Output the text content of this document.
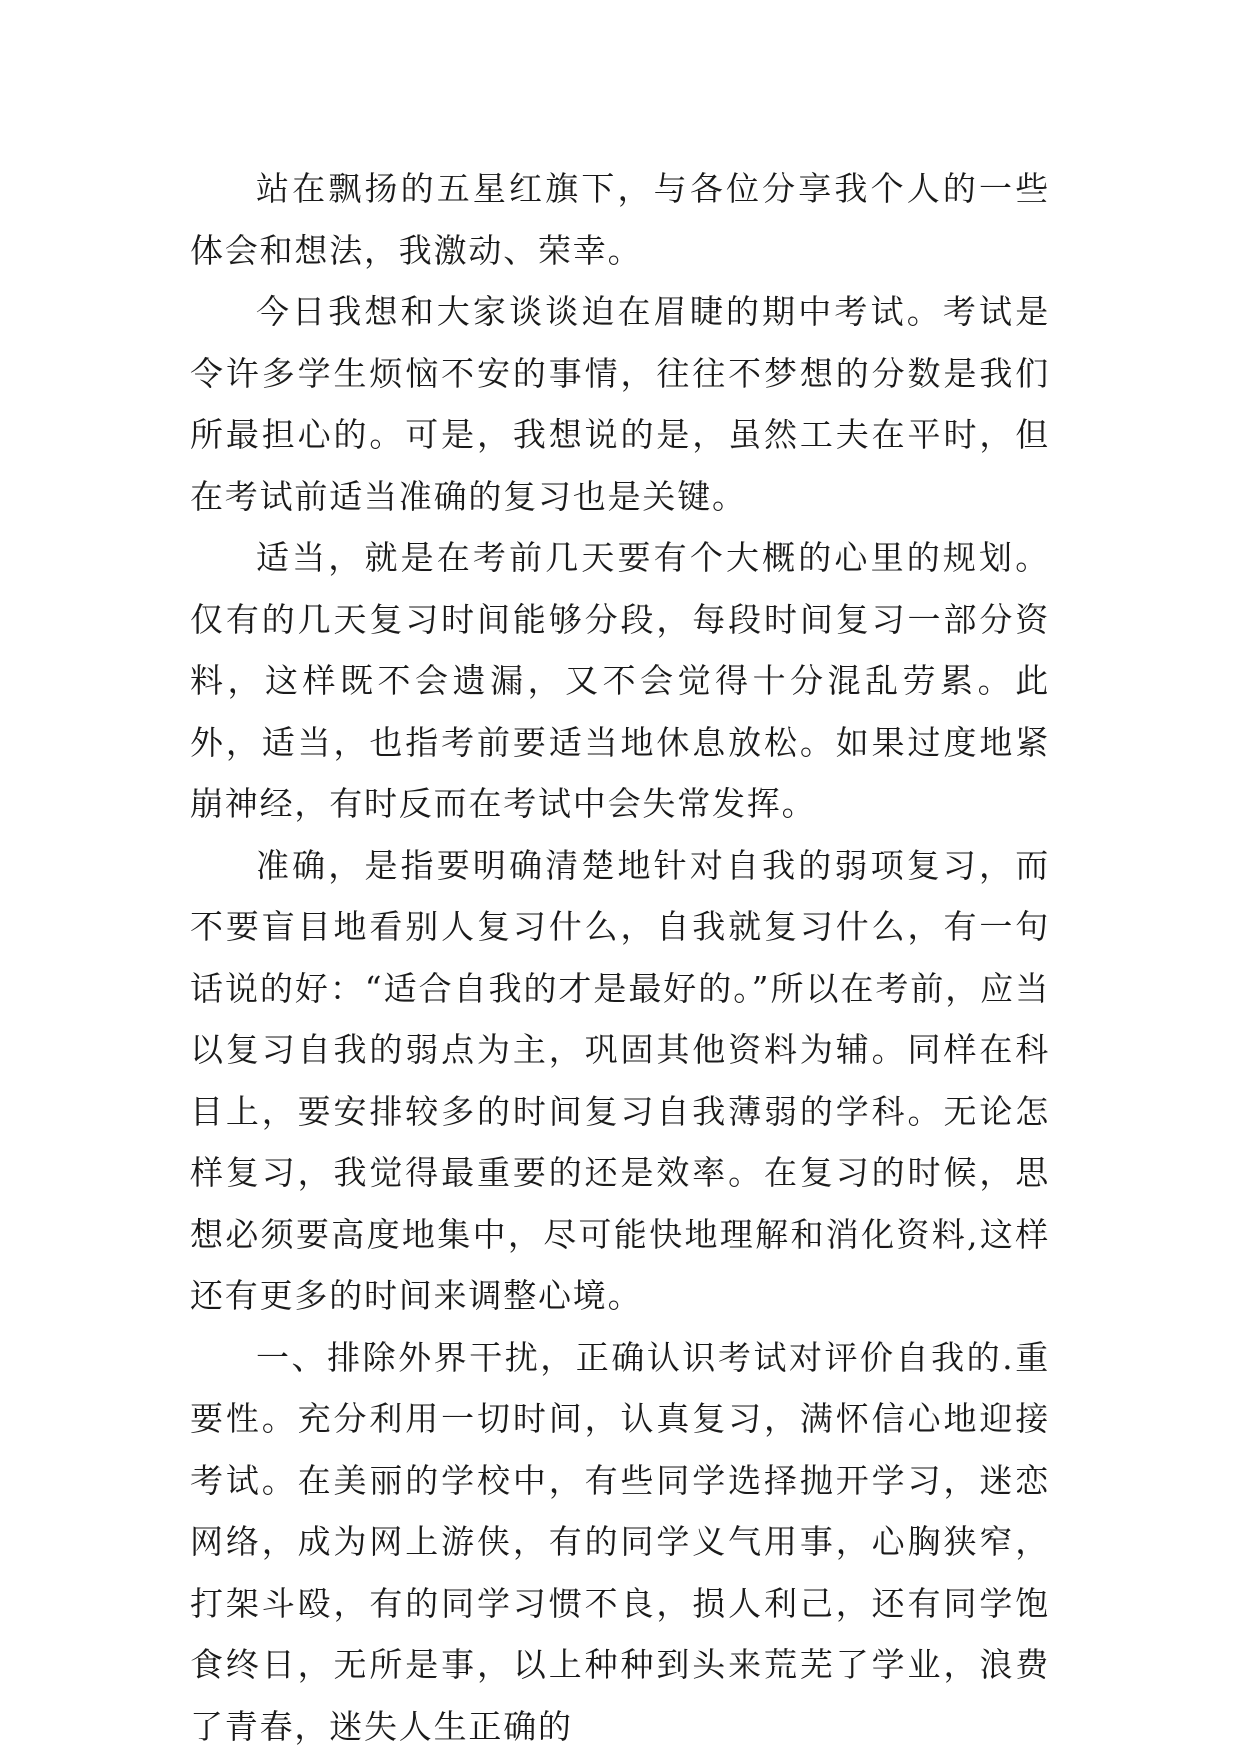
站在飘扬的五星红旗下，与各位分享我个人的一些体会和想法，我激动、荣幸。

今日我想和大家谈谈迫在眉睫的期中考试。考试是令许多学生烦恼不安的事情，往往不梦想的分数是我们所最担心的。可是，我想说的是，虽然工夫在平时，但在考试前适当准确的复习也是关键。

适当，就是在考前几天要有个大概的心里的规划。仅有的几天复习时间能够分段，每段时间复习一部分资料，这样既不会遗漏，又不会觉得十分混乱劳累。此外，适当，也指考前要适当地休息放松。如果过度地紧崩神经，有时反而在考试中会失常发挥。

准确，是指要明确清楚地针对自我的弱项复习，而不要盲目地看别人复习什么，自我就复习什么，有一句话说的好：“适合自我的才是最好的。”所以在考前，应当以复习自我的弱点为主，巩固其他资料为辅。同样在科目上，要安排较多的时间复习自我薄弱的学科。无论怎样复习，我觉得最重要的还是效率。在复习的时候，思想必须要高度地集中，尽可能快地理解和消化资料,这样还有更多的时间来调整心境。

一、排除外界干扰，正确认识考试对评价自我的.重要性。充分利用一切时间，认真复习，满怀信心地迎接考试。在美丽的学校中，有些同学选择抛开学习，迷恋网络，成为网上游侠，有的同学义气用事，心胸狭窄，打架斗殴，有的同学习惯不良，损人利己，还有同学饱食终日，无所是事，以上种种到头来荒芜了学业，浪费了青春，迷失人生正确的
